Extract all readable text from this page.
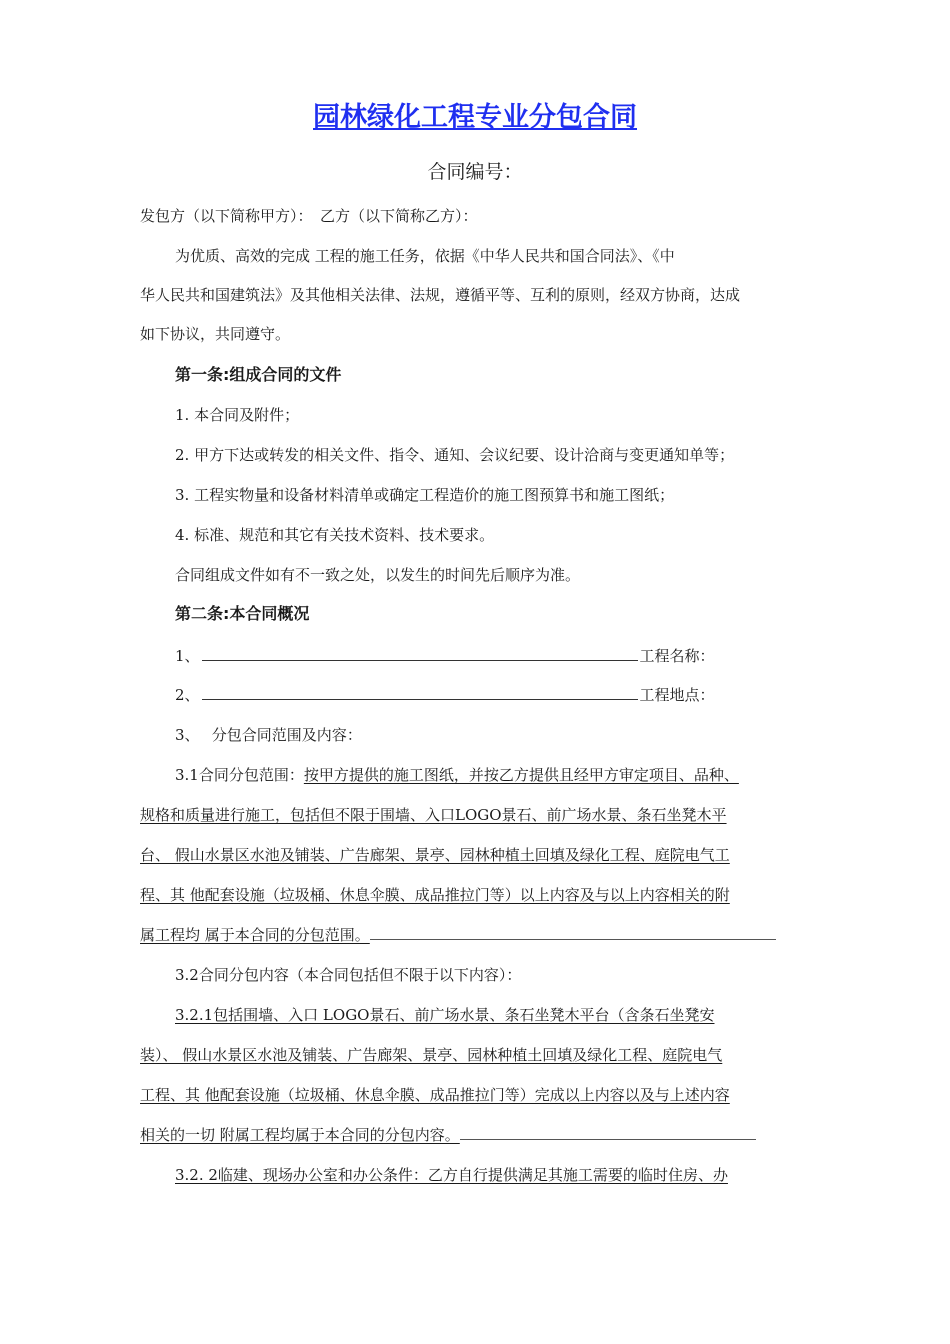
园林绿化工程专业分包合同
合同编号：
发包方（以下简称甲方）：　乙方（以下简称乙方）：
为优质、高效的完成 工程的施工任务，依据《中华人民共和国合同法》、《中
华人民共和国建筑法》及其他相关法律、法规，遵循平等、互利的原则，经双方协商，达成
如下协议，共同遵守。
第一条:组成合同的文件
1. 本合同及附件；
2. 甲方下达或转发的相关文件、指令、通知、会议纪要、设计洽商与变更通知单等；
3. 工程实物量和设备材料清单或确定工程造价的施工图预算书和施工图纸；
4. 标准、规范和其它有关技术资料、技术要求。
合同组成文件如有不一致之处，以发生的时间先后顺序为准。
第二条:本合同概况
1、	工程名称：
2、	工程地点：
3、　 分包合同范围及内容：
3.1合同分包范围：按甲方提供的施工图纸，并按乙方提供且经甲方审定项目、品种、
规格和质量进行施工，包括但不限于围墙、入口LOGO景石、前广场水景、条石坐凳木平
台、 假山水景区水池及铺装、广告廊架、景亭、园林种植土回填及绿化工程、庭院电气工
程、其 他配套设施（垃圾桶、休息伞膜、成品推拉门等）以上内容及与以上内容相关的附
属工程均 属于本合同的分包范围。
3.2合同分包内容（本合同包括但不限于以下内容）：
3.2.1包括围墙、入口 LOGO景石、前广场水景、条石坐凳木平台（含条石坐凳安
装）、 假山水景区水池及铺装、广告廊架、景亭、园林种植土回填及绿化工程、庭院电气
工程、其 他配套设施（垃圾桶、休息伞膜、成品推拉门等）完成以上内容以及与上述内容
相关的一切 附属工程均属于本合同的分包内容。
3.2. 2临建、现场办公室和办公条件：乙方自行提供满足其施工需要的临时住房、办
